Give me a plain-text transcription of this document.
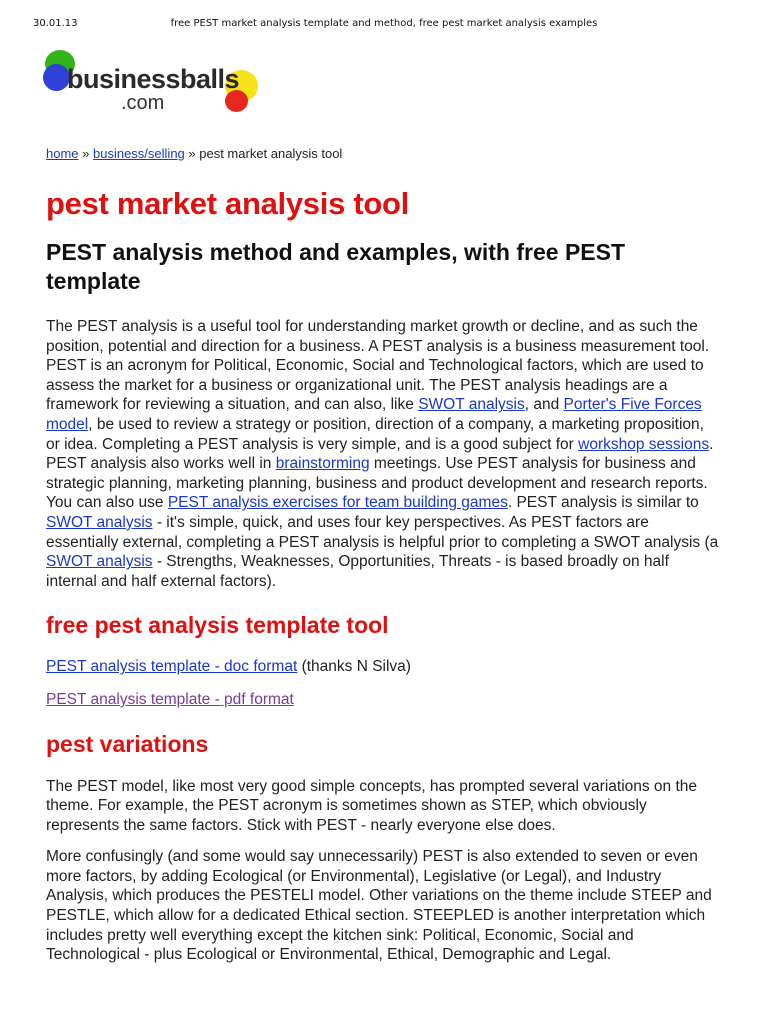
30.01.13	free PEST market analysis template and method, free pest market analysis examples
businessballs
.com
home » business/selling » pest market analysis tool
pest market analysis tool
PEST analysis method and examples, with free PEST template

The PEST analysis is a useful tool for understanding market growth or decline, and as such the position, potential and direction for a business. A PEST analysis is a business measurement tool. PEST is an acronym for Political, Economic, Social and Technological factors, which are used to assess the market for a business or organizational unit. The PEST analysis headings are a framework for reviewing a situation, and can also, like SWOT analysis, and Porter's Five Forces model, be used to review a strategy or position, direction of a company, a marketing proposition, or idea. Completing a PEST analysis is very simple, and is a good subject for workshop sessions. PEST analysis also works well in brainstorming meetings. Use PEST analysis for business and strategic planning, marketing planning, business and product development and research reports. You can also use PEST analysis exercises for team building games. PEST analysis is similar to SWOT analysis - it's simple, quick, and uses four key perspectives. As PEST factors are essentially external, completing a PEST analysis is helpful prior to completing a SWOT analysis (a SWOT analysis - Strengths, Weaknesses, Opportunities, Threats - is based broadly on half internal and half external factors).

free pest analysis template tool

PEST analysis template - doc format (thanks N Silva)

PEST analysis template - pdf format

pest variations

The PEST model, like most very good simple concepts, has prompted several variations on the theme. For example, the PEST acronym is sometimes shown as STEP, which obviously represents the same factors. Stick with PEST - nearly everyone else does.

More confusingly (and some would say unnecessarily) PEST is also extended to seven or even more factors, by adding Ecological (or Environmental), Legislative (or Legal), and Industry Analysis, which produces the PESTELI model. Other variations on the theme include STEEP and PESTLE, which allow for a dedicated Ethical section. STEEPLED is another interpretation which includes pretty well everything except the kitchen sink: Political, Economic, Social and Technological - plus Ecological or Environmental, Ethical, Demographic and Legal.
